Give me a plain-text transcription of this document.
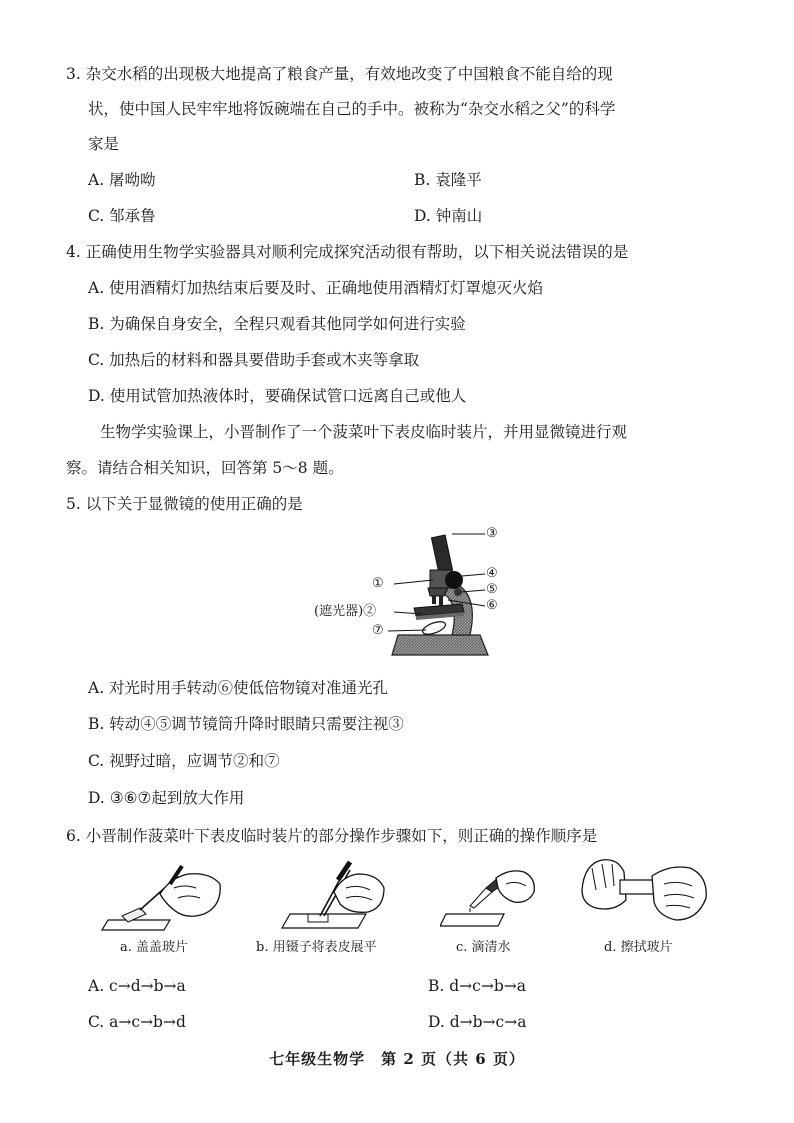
3. 杂交水稻的出现极大地提高了粮食产量，有效地改变了中国粮食不能自给的现
状，使中国人民牢牢地将饭碗端在自己的手中。被称为“杂交水稻之父”的科学
家是
A. 屠呦呦	B. 袁隆平
C. 邹承鲁	D. 钟南山
4. 正确使用生物学实验器具对顺利完成探究活动很有帮助，以下相关说法错误的是
A. 使用酒精灯加热结束后要及时、正确地使用酒精灯灯罩熄灭火焰
B. 为确保自身安全，全程只观看其他同学如何进行实验
C. 加热后的材料和器具要借助手套或木夹等拿取
D. 使用试管加热液体时，要确保试管口远离自己或他人
生物学实验课上，小晋制作了一个菠菜叶下表皮临时装片，并用显微镜进行观
察。请结合相关知识，回答第 5～8 题。
5. 以下关于显微镜的使用正确的是
③
④
⑤
⑥
①
(遮光器)②
⑦
A. 对光时用手转动⑥使低倍物镜对准通光孔
B. 转动④⑤调节镜筒升降时眼睛只需要注视③
C. 视野过暗，应调节②和⑦
D. ③⑥⑦起到放大作用
6. 小晋制作菠菜叶下表皮临时装片的部分操作步骤如下，则正确的操作顺序是
a. 盖盖玻片	b. 用镊子将表皮展平	c. 滴清水	d. 擦拭玻片
A. c→d→b→a	B. d→c→b→a
C. a→c→b→d	D. d→b→c→a
七年级生物学　第 2 页（共 6 页）
